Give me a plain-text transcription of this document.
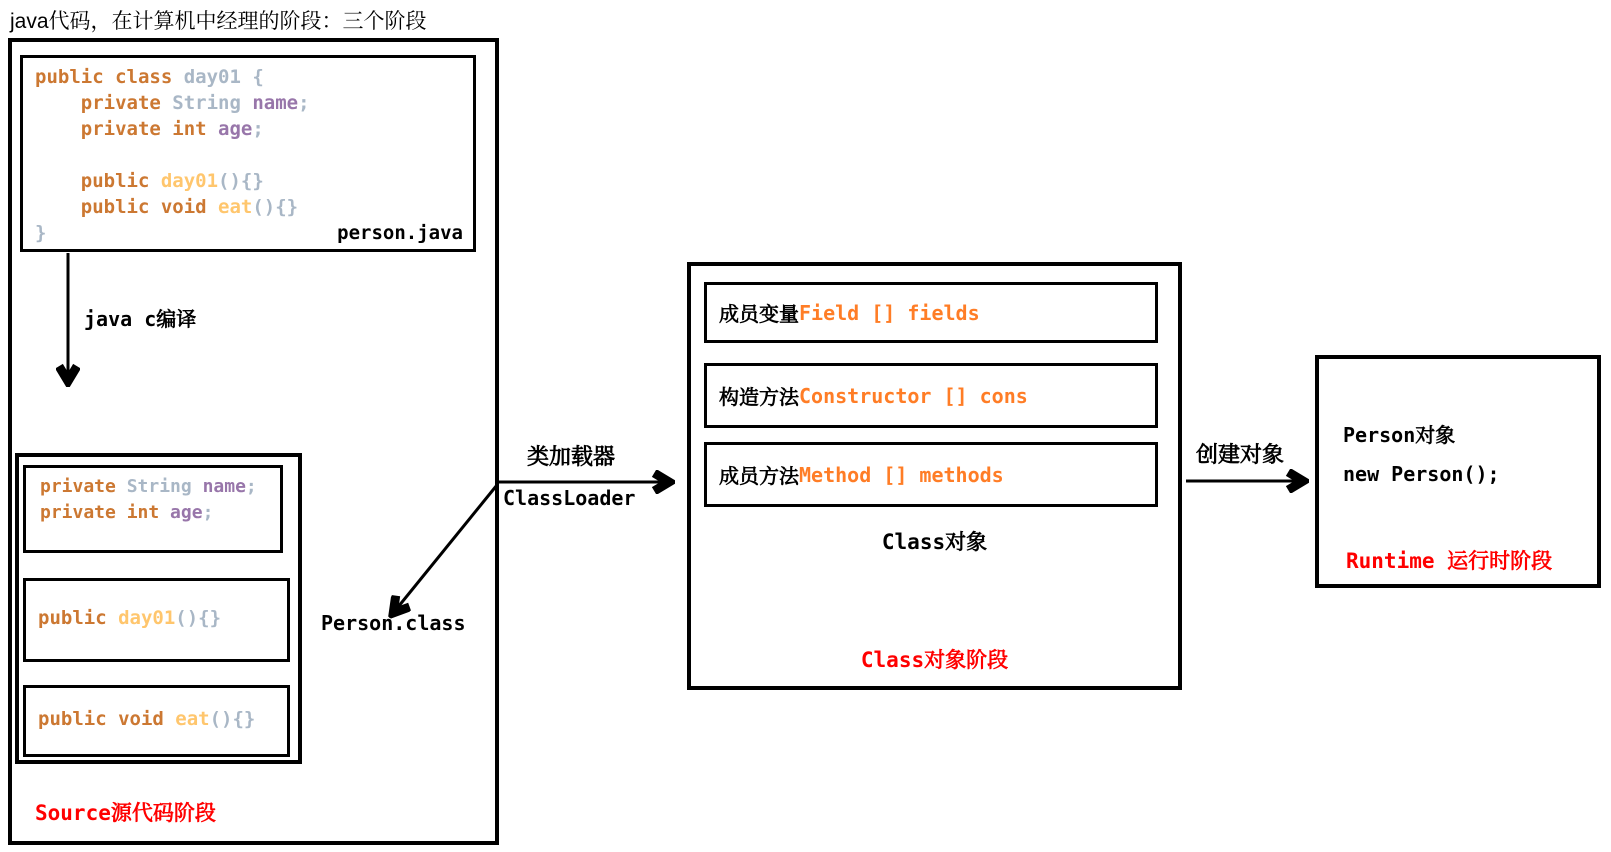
java代码，在计算机中经理的阶段：三个阶段
public class day01 {
private String name;
private int age;
public day01(){}
public void eat(){}
}	person.java
java c编译
private String name;
private int age;
public day01(){}
public void eat(){}
Source源代码阶段
类加载器
ClassLoader
Person.class
成员变量 Field [] fields
构造方法 Constructor [] cons
成员方法 Method [] methods
Class对象
Class对象阶段
创建对象
Person对象
new Person();
Runtime 运行时阶段
